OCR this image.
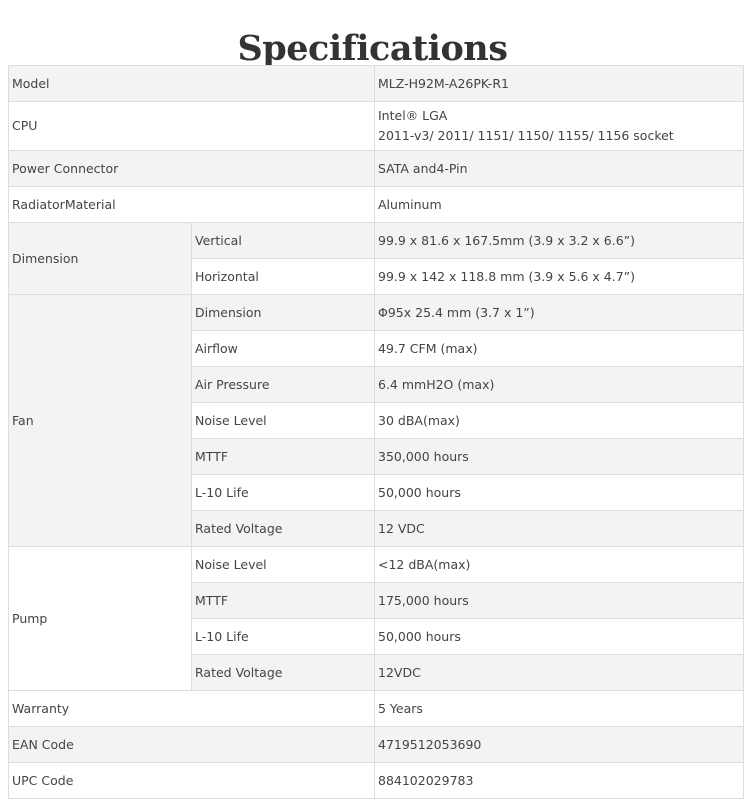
Specifications
Model		MLZ-H92M-A26PK-R1
CPU		Intel® LGA
2011-v3/ 2011/ 1151/ 1150/ 1155/ 1156 socket

Power Connector		SATA and4-Pin
RadiatorMaterial		Aluminum
Dimension	Vertical	99.9 x 81.6 x 167.5mm (3.9 x 3.2 x 6.6”)
	Horizontal	99.9 x 142 x 118.8 mm (3.9 x 5.6 x 4.7”)
Fan	Dimension	Φ95x 25.4 mm (3.7 x 1”)
	Airflow	49.7 CFM (max)
	Air Pressure	6.4 mmH2O (max)
	Noise Level	30 dBA(max)
	MTTF	350,000 hours
	L-10 Life	50,000 hours
	Rated Voltage	12 VDC
Pump	Noise Level	<12 dBA(max)
	MTTF	175,000 hours
	L-10 Life	50,000 hours
	Rated Voltage	12VDC
Warranty		5 Years
EAN Code		4719512053690
UPC Code		884102029783
